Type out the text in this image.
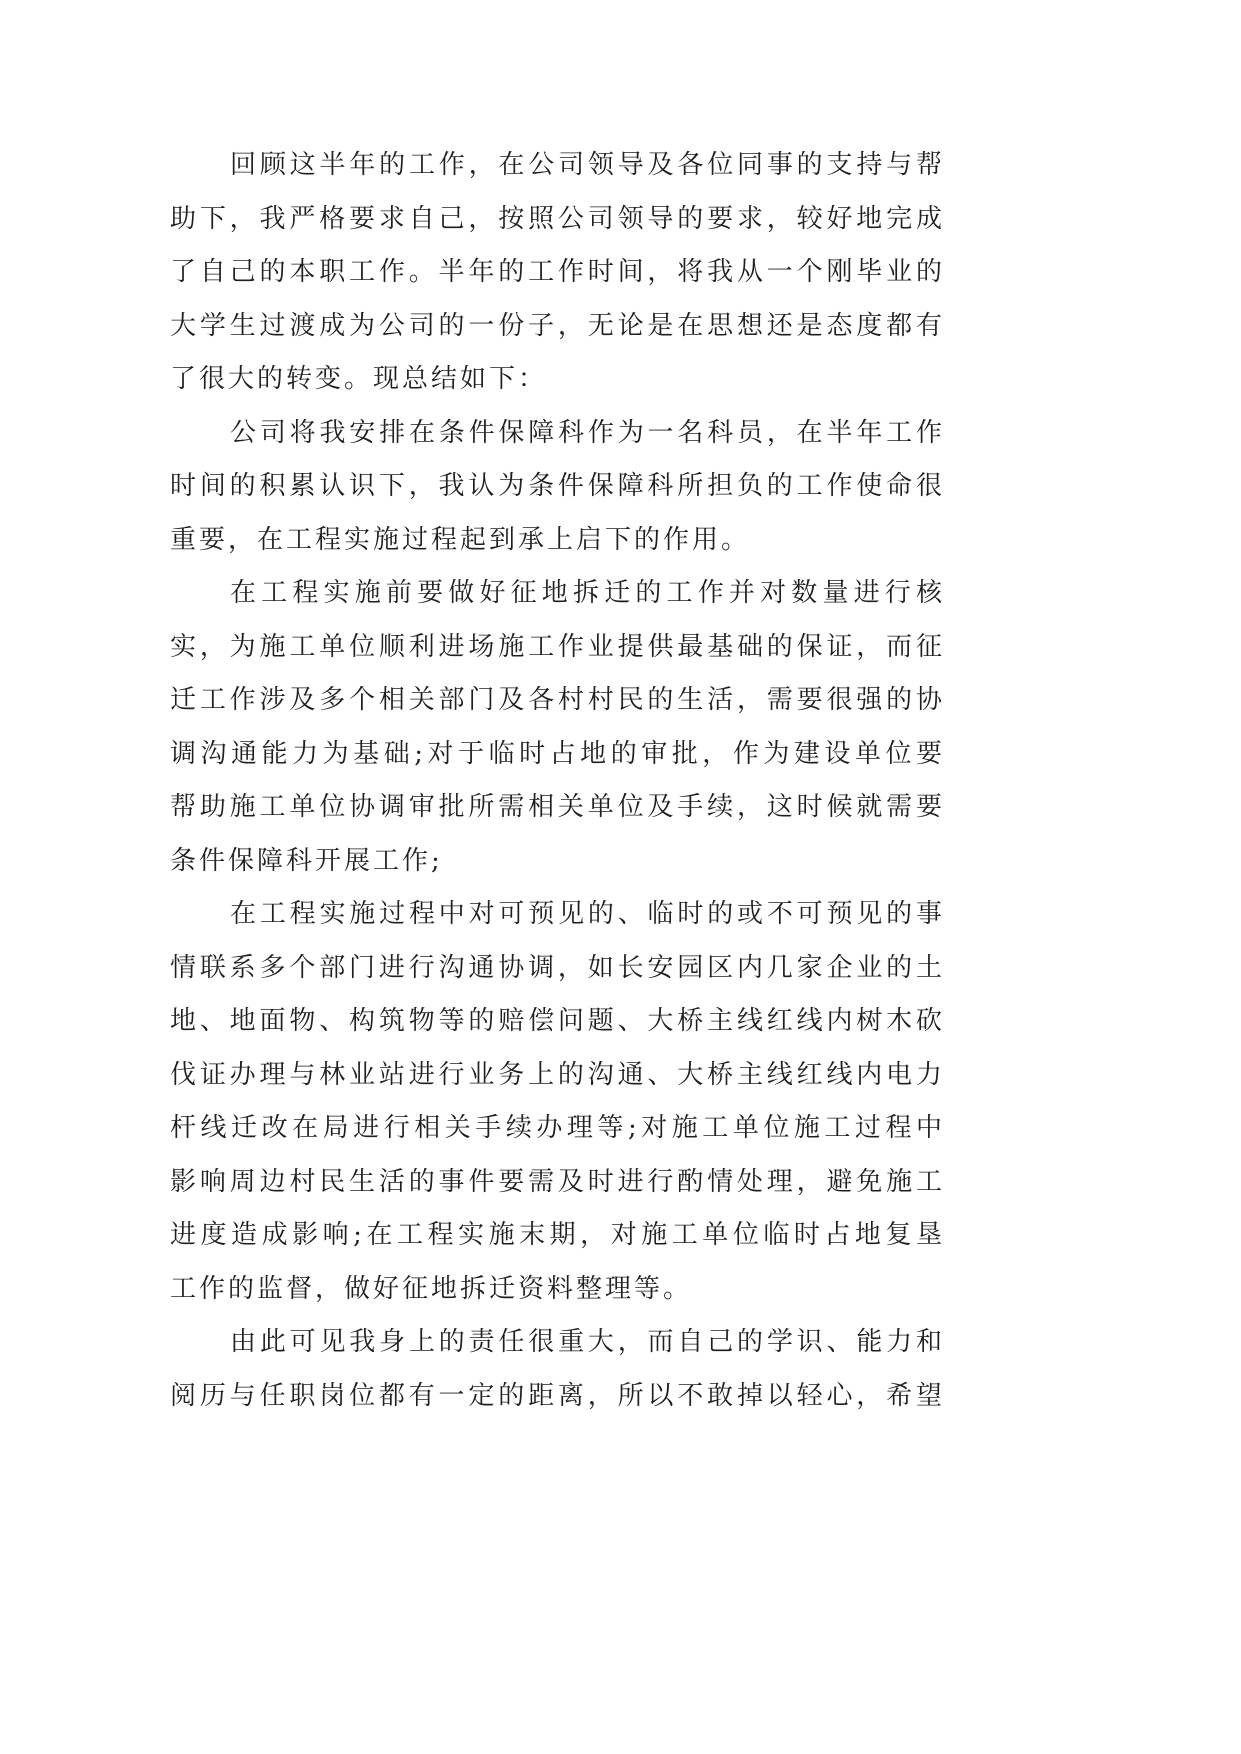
回顾这半年的工作，在公司领导及各位同事的支持与帮
助下，我严格要求自己，按照公司领导的要求，较好地完成
了自己的本职工作。半年的工作时间，将我从一个刚毕业的
大学生过渡成为公司的一份子，无论是在思想还是态度都有
了很大的转变。现总结如下：
公司将我安排在条件保障科作为一名科员，在半年工作
时间的积累认识下，我认为条件保障科所担负的工作使命很
重要，在工程实施过程起到承上启下的作用。
在工程实施前要做好征地拆迁的工作并对数量进行核
实，为施工单位顺利进场施工作业提供最基础的保证，而征
迁工作涉及多个相关部门及各村村民的生活，需要很强的协
调沟通能力为基础;对于临时占地的审批，作为建设单位要
帮助施工单位协调审批所需相关单位及手续，这时候就需要
条件保障科开展工作;
在工程实施过程中对可预见的、临时的或不可预见的事
情联系多个部门进行沟通协调，如长安园区内几家企业的土
地、地面物、构筑物等的赔偿问题、大桥主线红线内树木砍
伐证办理与林业站进行业务上的沟通、大桥主线红线内电力
杆线迁改在局进行相关手续办理等;对施工单位施工过程中
影响周边村民生活的事件要需及时进行酌情处理，避免施工
进度造成影响;在工程实施末期，对施工单位临时占地复垦
工作的监督，做好征地拆迁资料整理等。
由此可见我身上的责任很重大，而自己的学识、能力和
阅历与任职岗位都有一定的距离，所以不敢掉以轻心，希望
